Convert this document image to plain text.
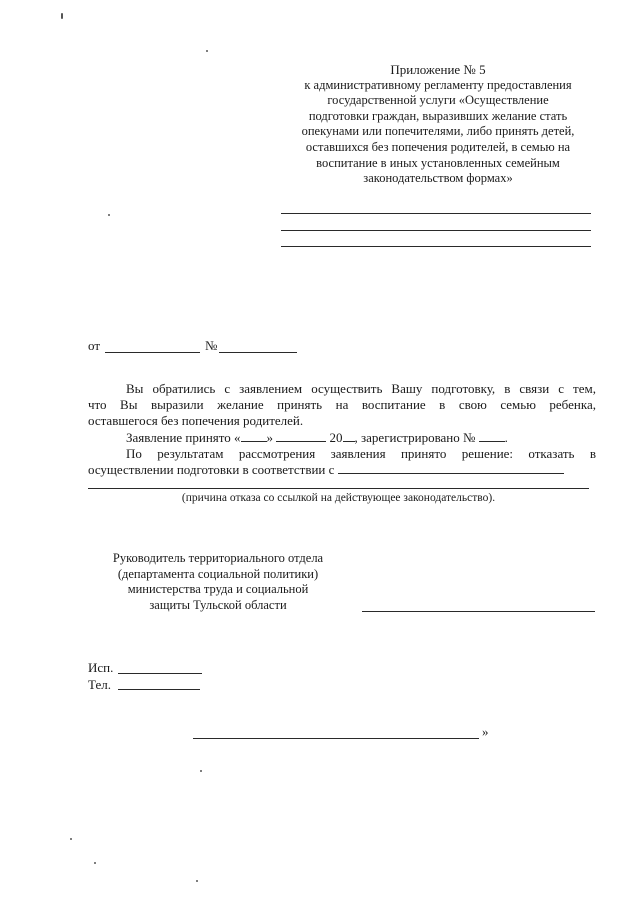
Приложение № 5
к административному регламенту предоставления
государственной услуги «Осуществление
подготовки граждан, выразивших желание стать
опекунами или попечителями, либо принять детей,
оставшихся без попечения родителей, в семью на
воспитание в иных установленных семейным
законодательством формах»
от	№
Вы обратились с заявлением осуществить Вашу подготовку, в связи с тем,
что Вы выразили желание принять на воспитание в свою семью ребенка,
оставшегося без попечения родителей.
Заявление принято « »	20 , зарегистрировано № .
По результатам рассмотрения заявления принято решение: отказать в
осуществлении подготовки в соответствии с
(причина отказа со ссылкой на действующее законодательство).
Руководитель территориального отдела
(департамента социальной политики)
министерства труда и социальной
защиты Тульской области
Исп.
Тел.
»
